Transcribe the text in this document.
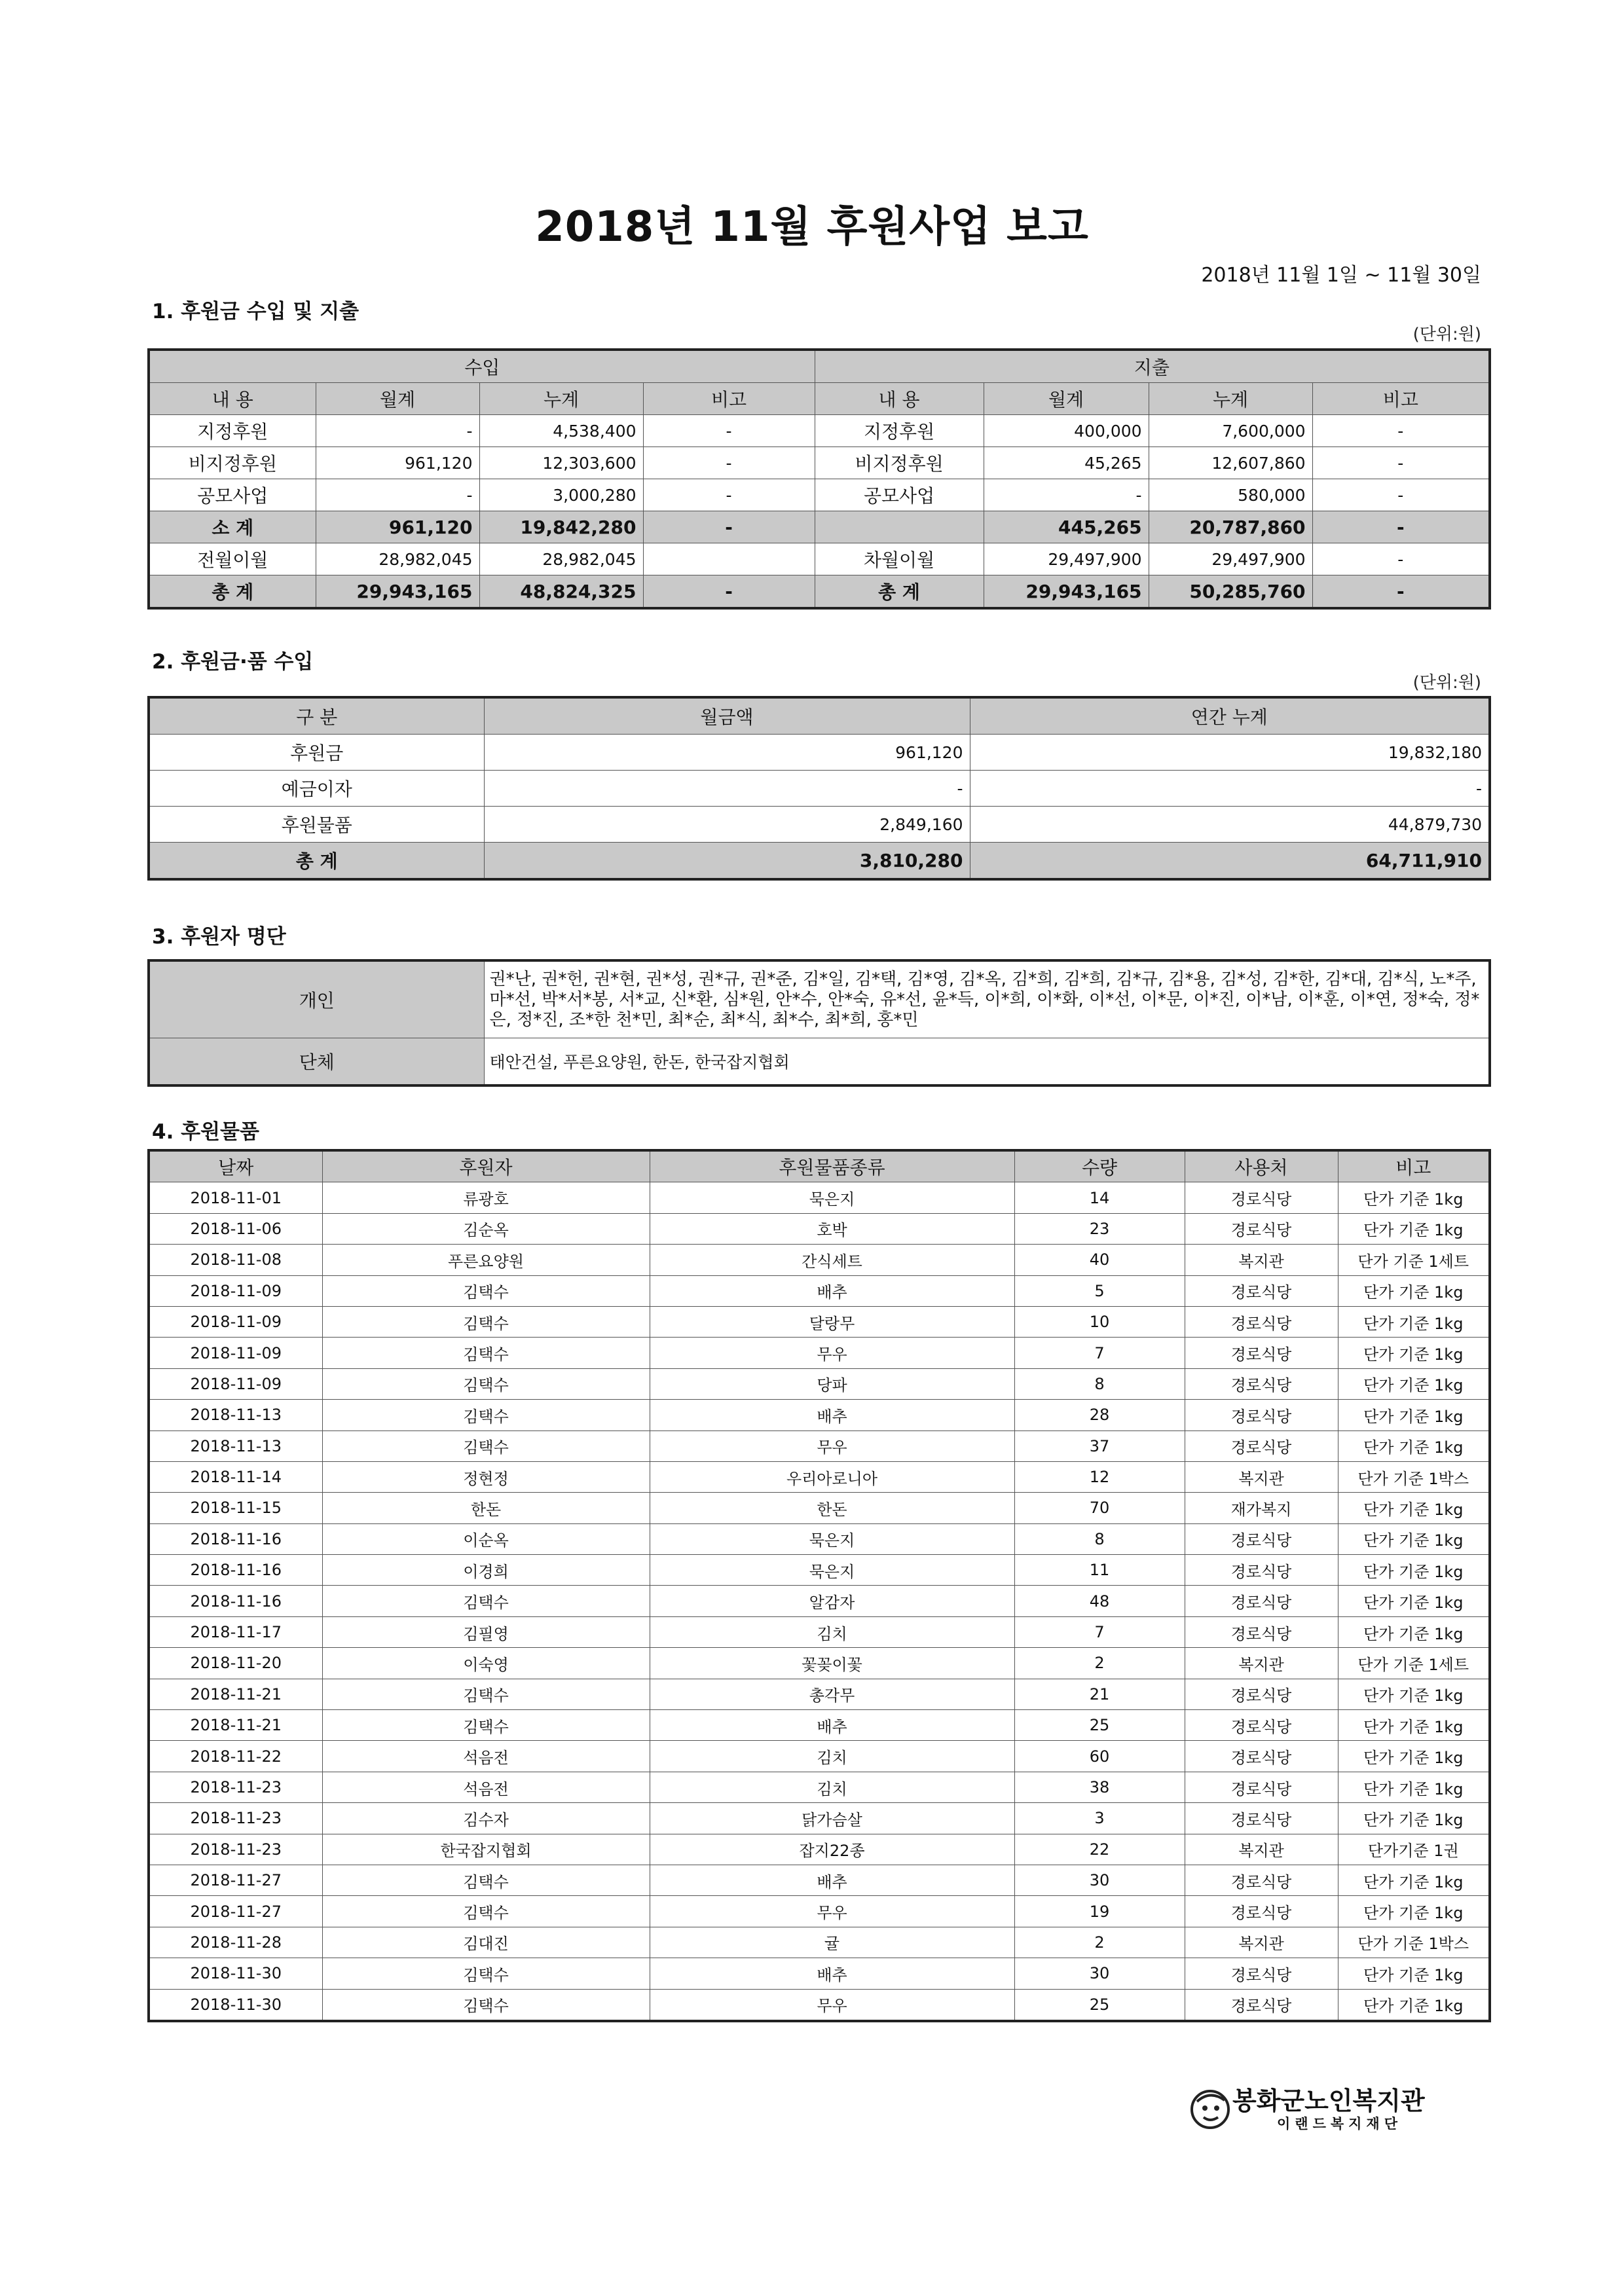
2018년 11월 후원사업 보고
2018년 11월 1일 ~ 11월 30일
1. 후원금 수입 및 지출
(단위:원)
수입				지출			
내 용	월계	누계	비고	내 용	월계	누계	비고
지정후원	-	4,538,400	-	지정후원	400,000	7,600,000	-
비지정후원	961,120	12,303,600	-	비지정후원	45,265	12,607,860	-
공모사업	-	3,000,280	-	공모사업	-	580,000	-
소 계	961,120	19,842,280	-		445,265	20,787,860	-
전월이월	28,982,045	28,982,045		차월이월	29,497,900	29,497,900	-
총 계	29,943,165	48,824,325	-	총 계	29,943,165	50,285,760	-
2. 후원금·품 수입
(단위:원)
구 분	월금액	연간 누계
후원금	961,120	19,832,180
예금이자	-	-
후원물품	2,849,160	44,879,730
총 계	3,810,280	64,711,910
3. 후원자 명단
개인	권*난, 권*헌, 권*현, 권*성, 권*규, 권*준, 김*일, 김*택, 김*영, 김*옥, 김*희, 김*희, 김*규, 김*용, 김*성, 김*한, 김*대, 김*식, 노*주, 마*선, 박*서*봉, 서*교, 신*환, 심*원, 안*수, 안*숙, 유*선, 윤*득, 이*희, 이*화, 이*선, 이*문, 이*진, 이*남, 이*훈, 이*연, 정*숙, 정*은, 정*진, 조*한 천*민, 최*순, 최*식, 최*수, 최*희, 홍*민
단체	태안건설, 푸른요양원, 한돈, 한국잡지협회
4. 후원물품
날짜	후원자	후원물품종류	수량	사용처	비고
2018-11-01	류광호	묵은지	14	경로식당	단가 기준 1kg
2018-11-06	김순옥	호박	23	경로식당	단가 기준 1kg
2018-11-08	푸른요양원	간식세트	40	복지관	단가 기준 1세트
2018-11-09	김택수	배추	5	경로식당	단가 기준 1kg
2018-11-09	김택수	달랑무	10	경로식당	단가 기준 1kg
2018-11-09	김택수	무우	7	경로식당	단가 기준 1kg
2018-11-09	김택수	당파	8	경로식당	단가 기준 1kg
2018-11-13	김택수	배추	28	경로식당	단가 기준 1kg
2018-11-13	김택수	무우	37	경로식당	단가 기준 1kg
2018-11-14	정현정	우리아로니아	12	복지관	단가 기준 1박스
2018-11-15	한돈	한돈	70	재가복지	단가 기준 1kg
2018-11-16	이순옥	묵은지	8	경로식당	단가 기준 1kg
2018-11-16	이경희	묵은지	11	경로식당	단가 기준 1kg
2018-11-16	김택수	알감자	48	경로식당	단가 기준 1kg
2018-11-17	김필영	김치	7	경로식당	단가 기준 1kg
2018-11-20	이숙영	꽃꽂이꽃	2	복지관	단가 기준 1세트
2018-11-21	김택수	총각무	21	경로식당	단가 기준 1kg
2018-11-21	김택수	배추	25	경로식당	단가 기준 1kg
2018-11-22	석음전	김치	60	경로식당	단가 기준 1kg
2018-11-23	석음전	김치	38	경로식당	단가 기준 1kg
2018-11-23	김수자	닭가슴살	3	경로식당	단가 기준 1kg
2018-11-23	한국잡지협회	잡지22종	22	복지관	단가기준 1권
2018-11-27	김택수	배추	30	경로식당	단가 기준 1kg
2018-11-27	김택수	무우	19	경로식당	단가 기준 1kg
2018-11-28	김대진	귤	2	복지관	단가 기준 1박스
2018-11-30	김택수	배추	30	경로식당	단가 기준 1kg
2018-11-30	김택수	무우	25	경로식당	단가 기준 1kg
봉화군노인복지관
이랜드복지재단
